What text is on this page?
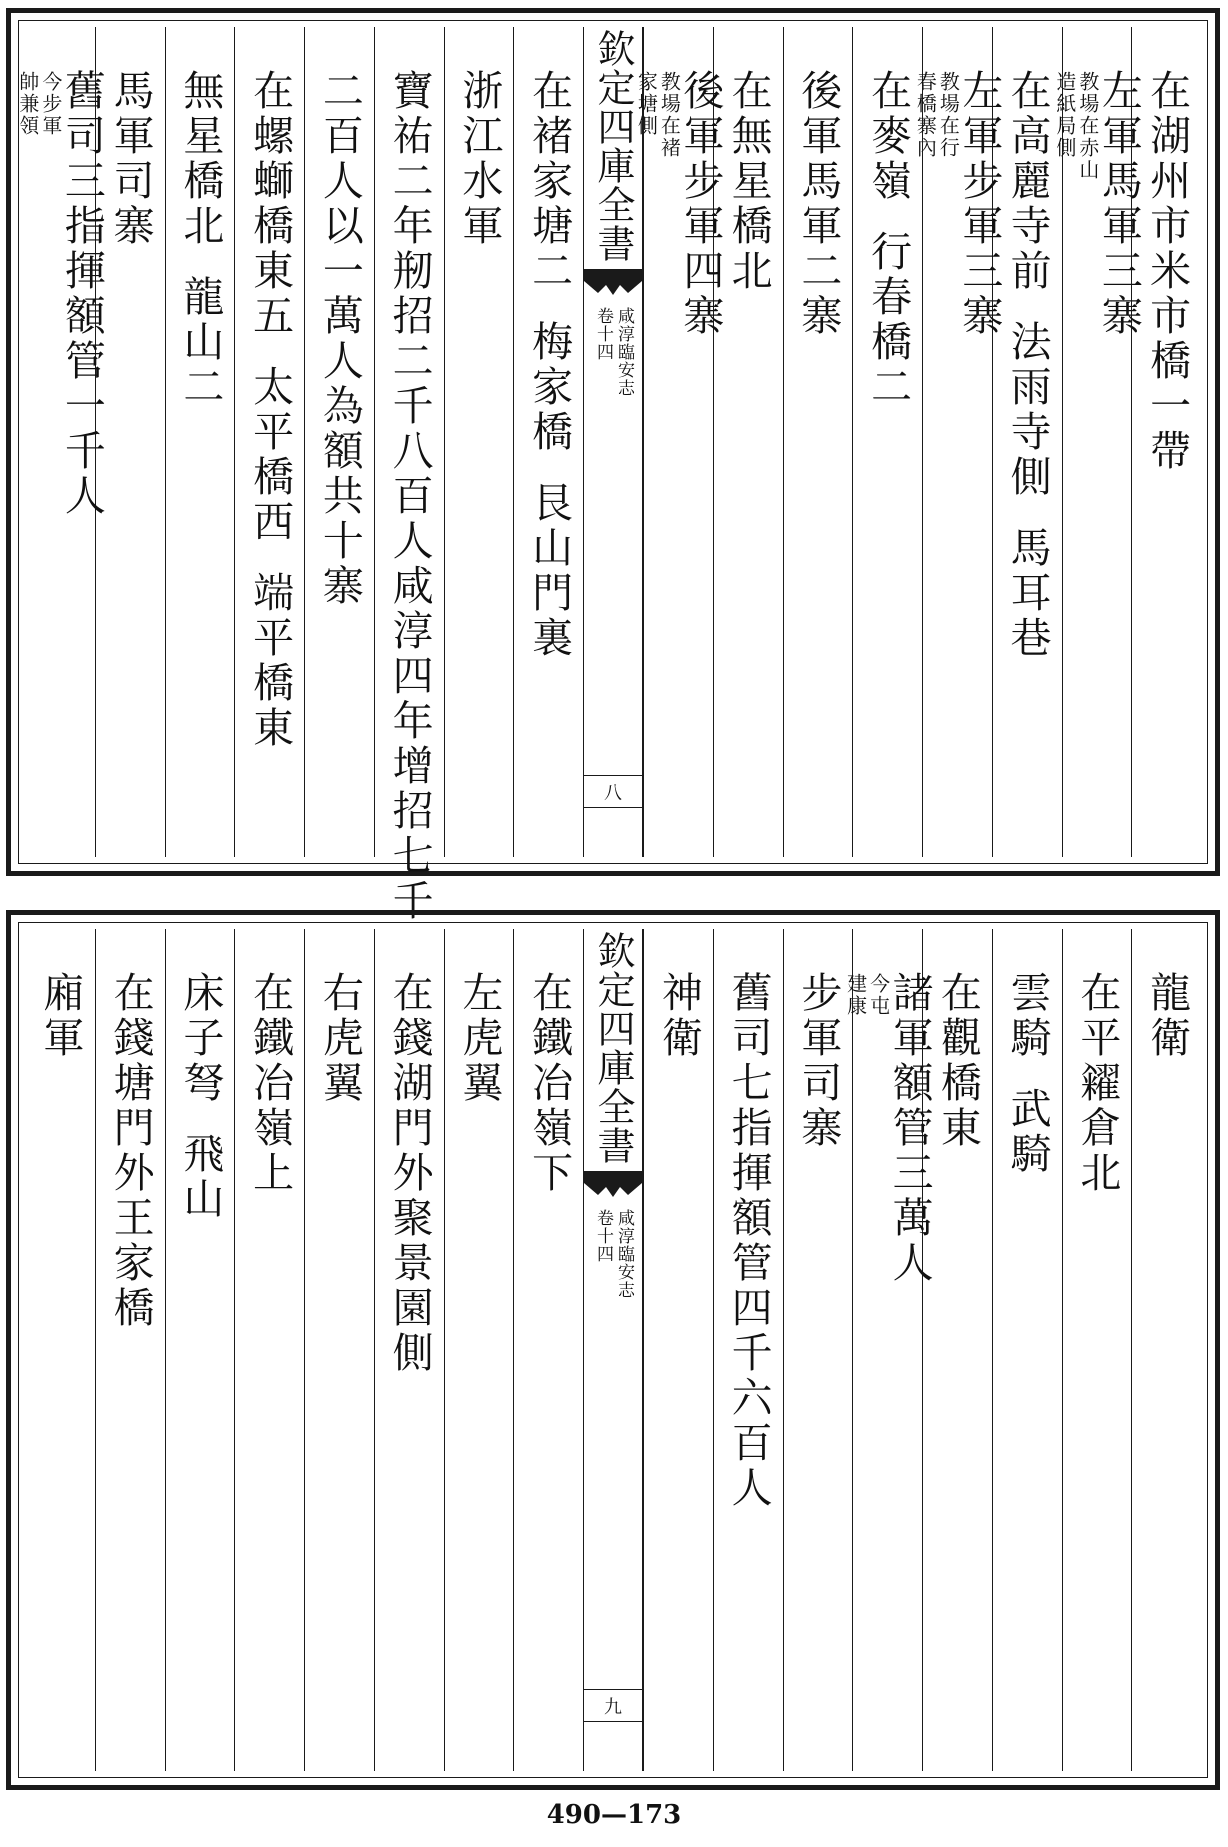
在湖州市米市橋一帶
左軍馬軍三寨
教場在赤山
造紙局側
在高麗寺前
法雨寺側
馬耳巷
左軍步軍三寨
教場在行
春橋寨內
在麥嶺
行春橋二
後軍馬軍二寨
在無星橋北
後軍步軍四寨
教場在褚
家塘側
欽定四庫全書
咸淳臨安志
卷十四
八
在褚家塘二
梅家橋
艮山門裏
浙江水軍
寶祐二年剏招二千八百人咸淳四年增招七千
二百人以一萬人為額共十寨
在螺螄橋東五
太平橋西
端平橋東
無星橋北
龍山二
馬軍司寨
舊司三指揮額管一千人
今步軍
帥兼領
龍衛
在平糴倉北
雲騎
武騎
在觀橋東
諸軍額管三萬人
今屯
建康
步軍司寨
舊司七指揮額管四千六百人
神衛
欽定四庫全書
咸淳臨安志
卷十四
九
在鐵冶嶺下
左虎翼
在錢湖門外聚景園側
右虎翼
在鐵冶嶺上
床子弩
飛山
在錢塘門外王家橋
廂軍
490—173
